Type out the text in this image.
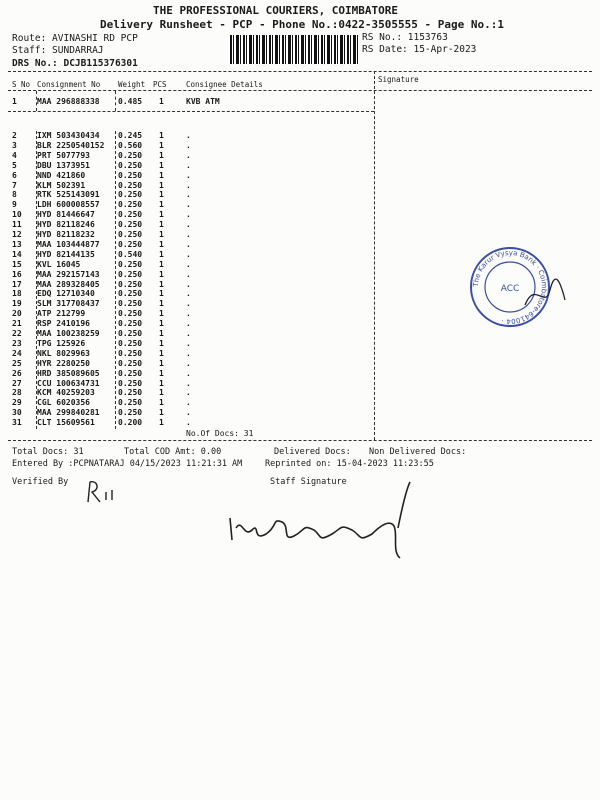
THE PROFESSIONAL COURIERS, COIMBATORE
Delivery Runsheet - PCP - Phone No.:0422-3505555 - Page No.:1
Route: AVINASHI RD PCP
Staff: SUNDARRAJ
DRS No.: DCJB115376301
RS No.: 1153763
RS Date: 15-Apr-2023
S No Consignment No Weight PCS	Consignee Details
Signature
1	MAA 296888338 0.485 1	KVB ATM
2	IXM 503430434 0.245 1	.
3	BLR 2250540152 0.560 1	.
4	PRT 5077793	0.250 1	.
5	DBU 1373951	0.250 1	.
6	NND 421860	0.250 1	.
7	KLM 502391	0.250 1	.
8	RTK 525143091 0.250 1	.
9	LDH 600008557 0.250 1	.
10 HYD 81446647	0.250 1	.
11 HYD 82118246	0.250 1	.
12 HYD 82118232	0.250 1	.
13 MAA 103444877 0.250 1	.
14 HYD 82144135	0.540 1	.
15 KVL 16045	0.250 1	.
16 MAA 292157143 0.250 1	.
17 MAA 289328405 0.250 1	.
18 EDQ 12710340	0.250 1	.
19 SLM 317708437 0.250 1	.
20 ATP 212799	0.250 1	.
21 RSP 2410196	0.250 1	.
22 MAA 100238259 0.250 1	.
23 TPG 125926	0.250 1	.
24 NKL 8029963	0.250 1	.
25 HYR 2280250	0.250 1	.
26 HRD 385089605 0.250 1	.
27 CCU 100634731 0.250 1	.
28 KCM 40259203	0.250 1	.
29 CGL 6020356	0.250 1	.
30 MAA 299840281 0.250 1	.
31 CLT 15609561	0.200 1	.
No.Of Docs: 31
Total Docs: 31	Total COD Amt: 0.00	Delivered Docs: Non Delivered Docs:
Entered By :PCPNATARAJ 04/15/2023 11:21:31 AM	Reprinted on: 15-04-2023 11:23:55
Verified By	Staff Signature
The Karur Vysya Bank · Coimbatore-641004 ·
ACC
